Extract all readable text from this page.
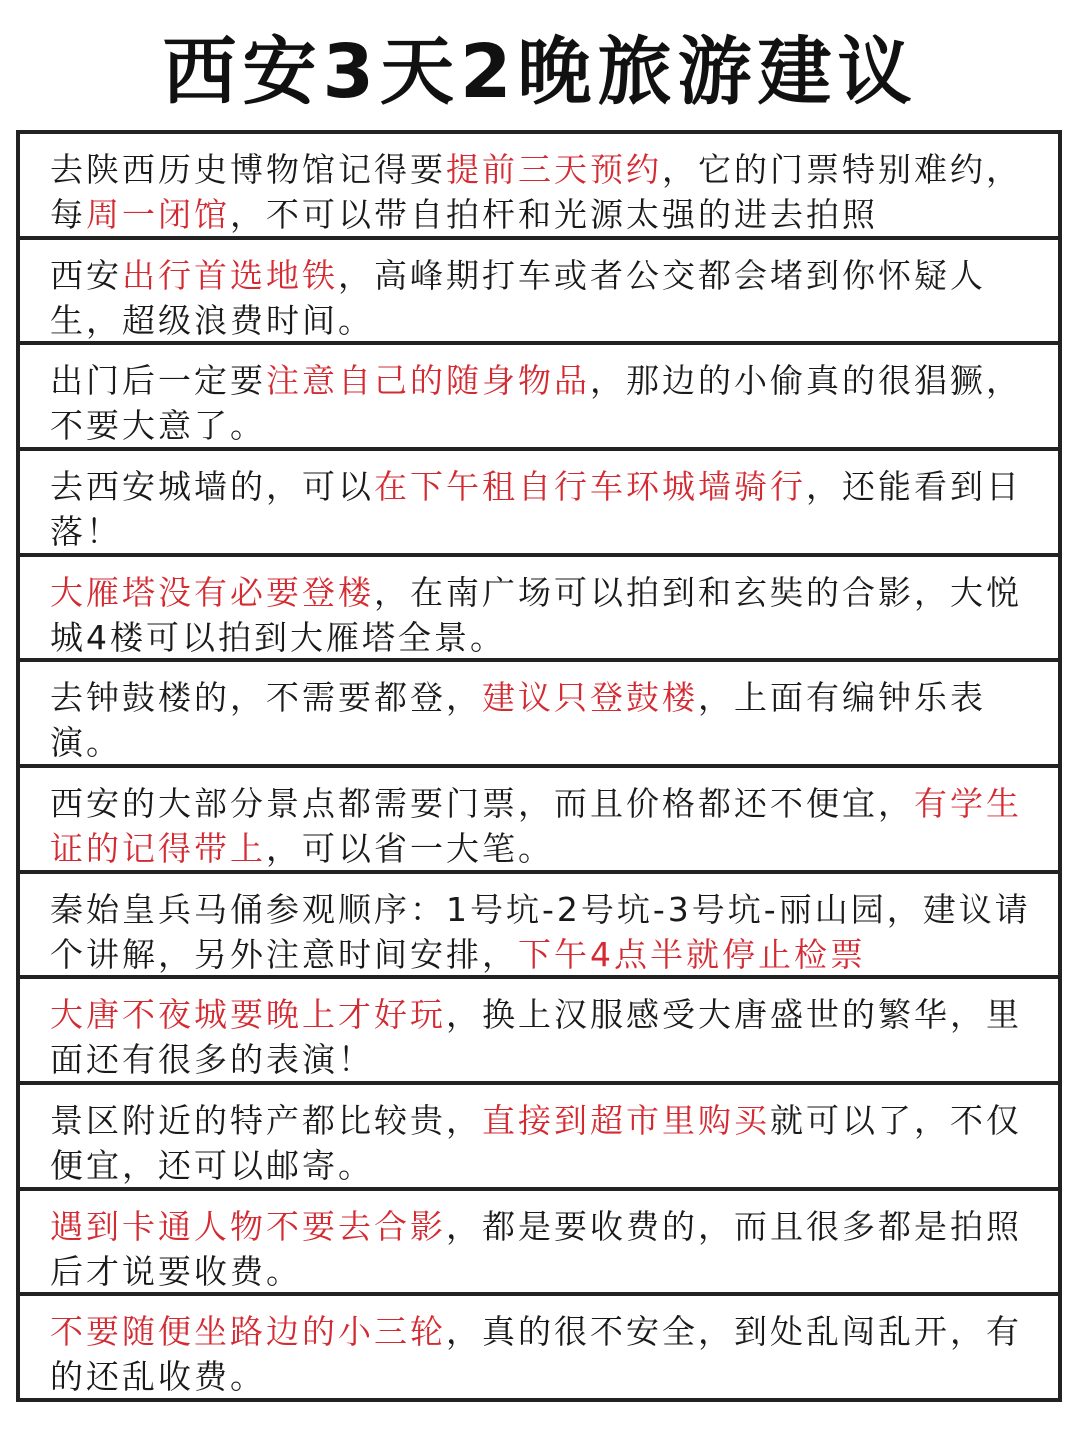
西安3天2晚旅游建议
去陕西历史博物馆记得要提前三天预约，它的门票特别难约，每周一闭馆，不可以带自拍杆和光源太强的进去拍照
西安出行首选地铁，高峰期打车或者公交都会堵到你怀疑人生，超级浪费时间。
出门后一定要注意自己的随身物品，那边的小偷真的很猖獗，不要大意了。
去西安城墙的，可以在下午租自行车环城墙骑行，还能看到日落！
大雁塔没有必要登楼，在南广场可以拍到和玄奘的合影，大悦城4楼可以拍到大雁塔全景。
去钟鼓楼的，不需要都登，建议只登鼓楼，上面有编钟乐表演。
西安的大部分景点都需要门票，而且价格都还不便宜，有学生证的记得带上，可以省一大笔。
秦始皇兵马俑参观顺序：1号坑-2号坑-3号坑-丽山园，建议请个讲解，另外注意时间安排，下午4点半就停止检票
大唐不夜城要晚上才好玩，换上汉服感受大唐盛世的繁华，里面还有很多的表演！
景区附近的特产都比较贵，直接到超市里购买就可以了，不仅便宜，还可以邮寄。
遇到卡通人物不要去合影，都是要收费的，而且很多都是拍照后才说要收费。
不要随便坐路边的小三轮，真的很不安全，到处乱闯乱开，有的还乱收费。
